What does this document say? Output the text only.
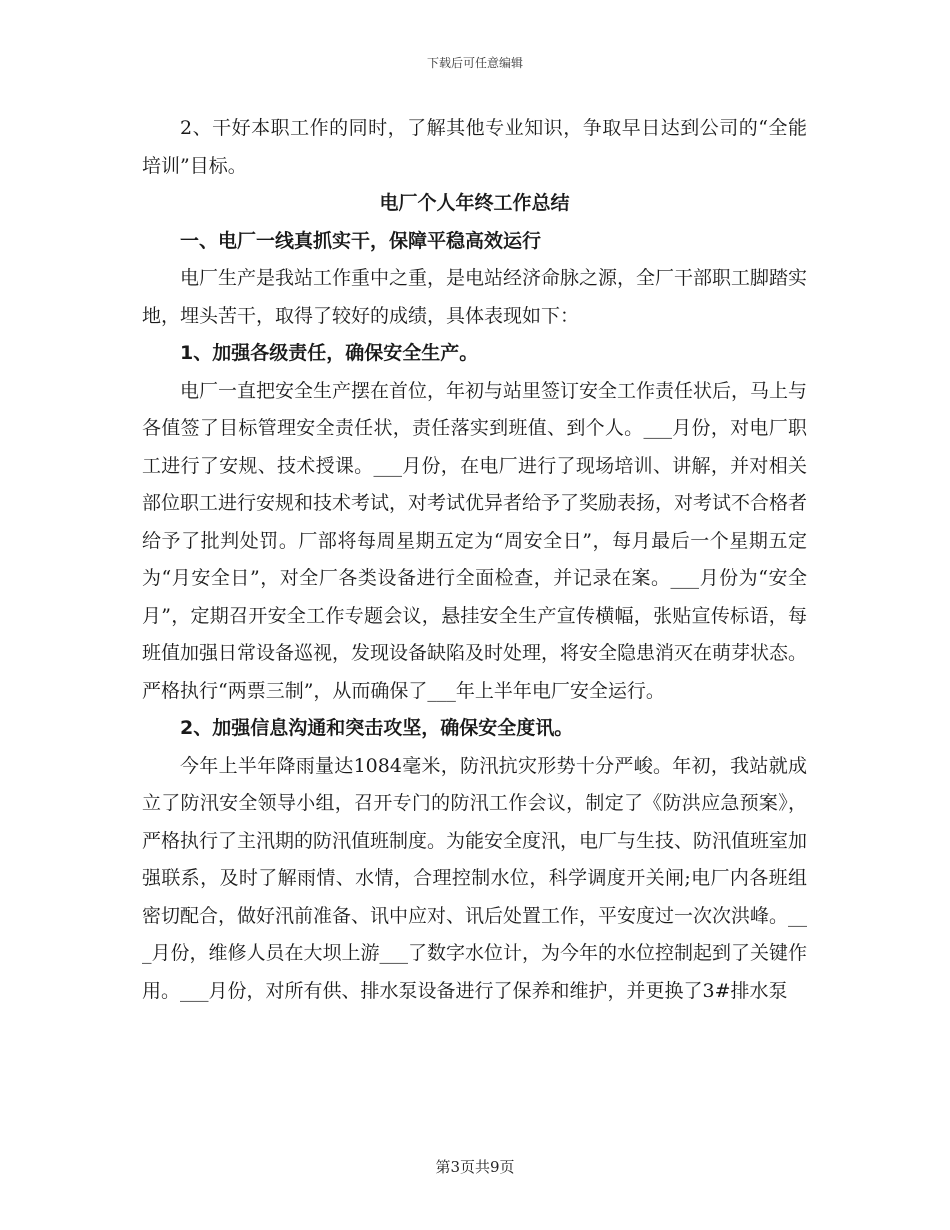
下载后可任意编辑

2、干好本职工作的同时，了解其他专业知识，争取早日达到公司的“全能培训”目标。

电厂个人年终工作总结

一、电厂一线真抓实干，保障平稳高效运行

电厂生产是我站工作重中之重，是电站经济命脉之源，全厂干部职工脚踏实地，埋头苦干，取得了较好的成绩，具体表现如下：

1、加强各级责任，确保安全生产。

电厂一直把安全生产摆在首位，年初与站里签订安全工作责任状后，马上与各值签了目标管理安全责任状，责任落实到班值、到个人。___月份，对电厂职工进行了安规、技术授课。___月份，在电厂进行了现场培训、讲解，并对相关部位职工进行安规和技术考试，对考试优异者给予了奖励表扬，对考试不合格者给予了批判处罚。厂部将每周星期五定为“周安全日”，每月最后一个星期五定为“月安全日”，对全厂各类设备进行全面检查，并记录在案。___月份为“安全月”，定期召开安全工作专题会议，悬挂安全生产宣传横幅，张贴宣传标语，每班值加强日常设备巡视，发现设备缺陷及时处理，将安全隐患消灭在萌芽状态。严格执行“两票三制”，从而确保了___年上半年电厂安全运行。

2、加强信息沟通和突击攻坚，确保安全度讯。

今年上半年降雨量达1084毫米，防汛抗灾形势十分严峻。年初，我站就成立了防汛安全领导小组，召开专门的防汛工作会议，制定了《防洪应急预案》，严格执行了主汛期的防汛值班制度。为能安全度汛，电厂与生技、防汛值班室加强联系，及时了解雨情、水情，合理控制水位，科学调度开关闸;电厂内各班组密切配合，做好汛前准备、讯中应对、讯后处置工作，平安度过一次次洪峰。___月份，维修人员在大坝上游___了数字水位计，为今年的水位控制起到了关键作用。___月份，对所有供、排水泵设备进行了保养和维护，并更换了3#排水泵

第3页共9页
